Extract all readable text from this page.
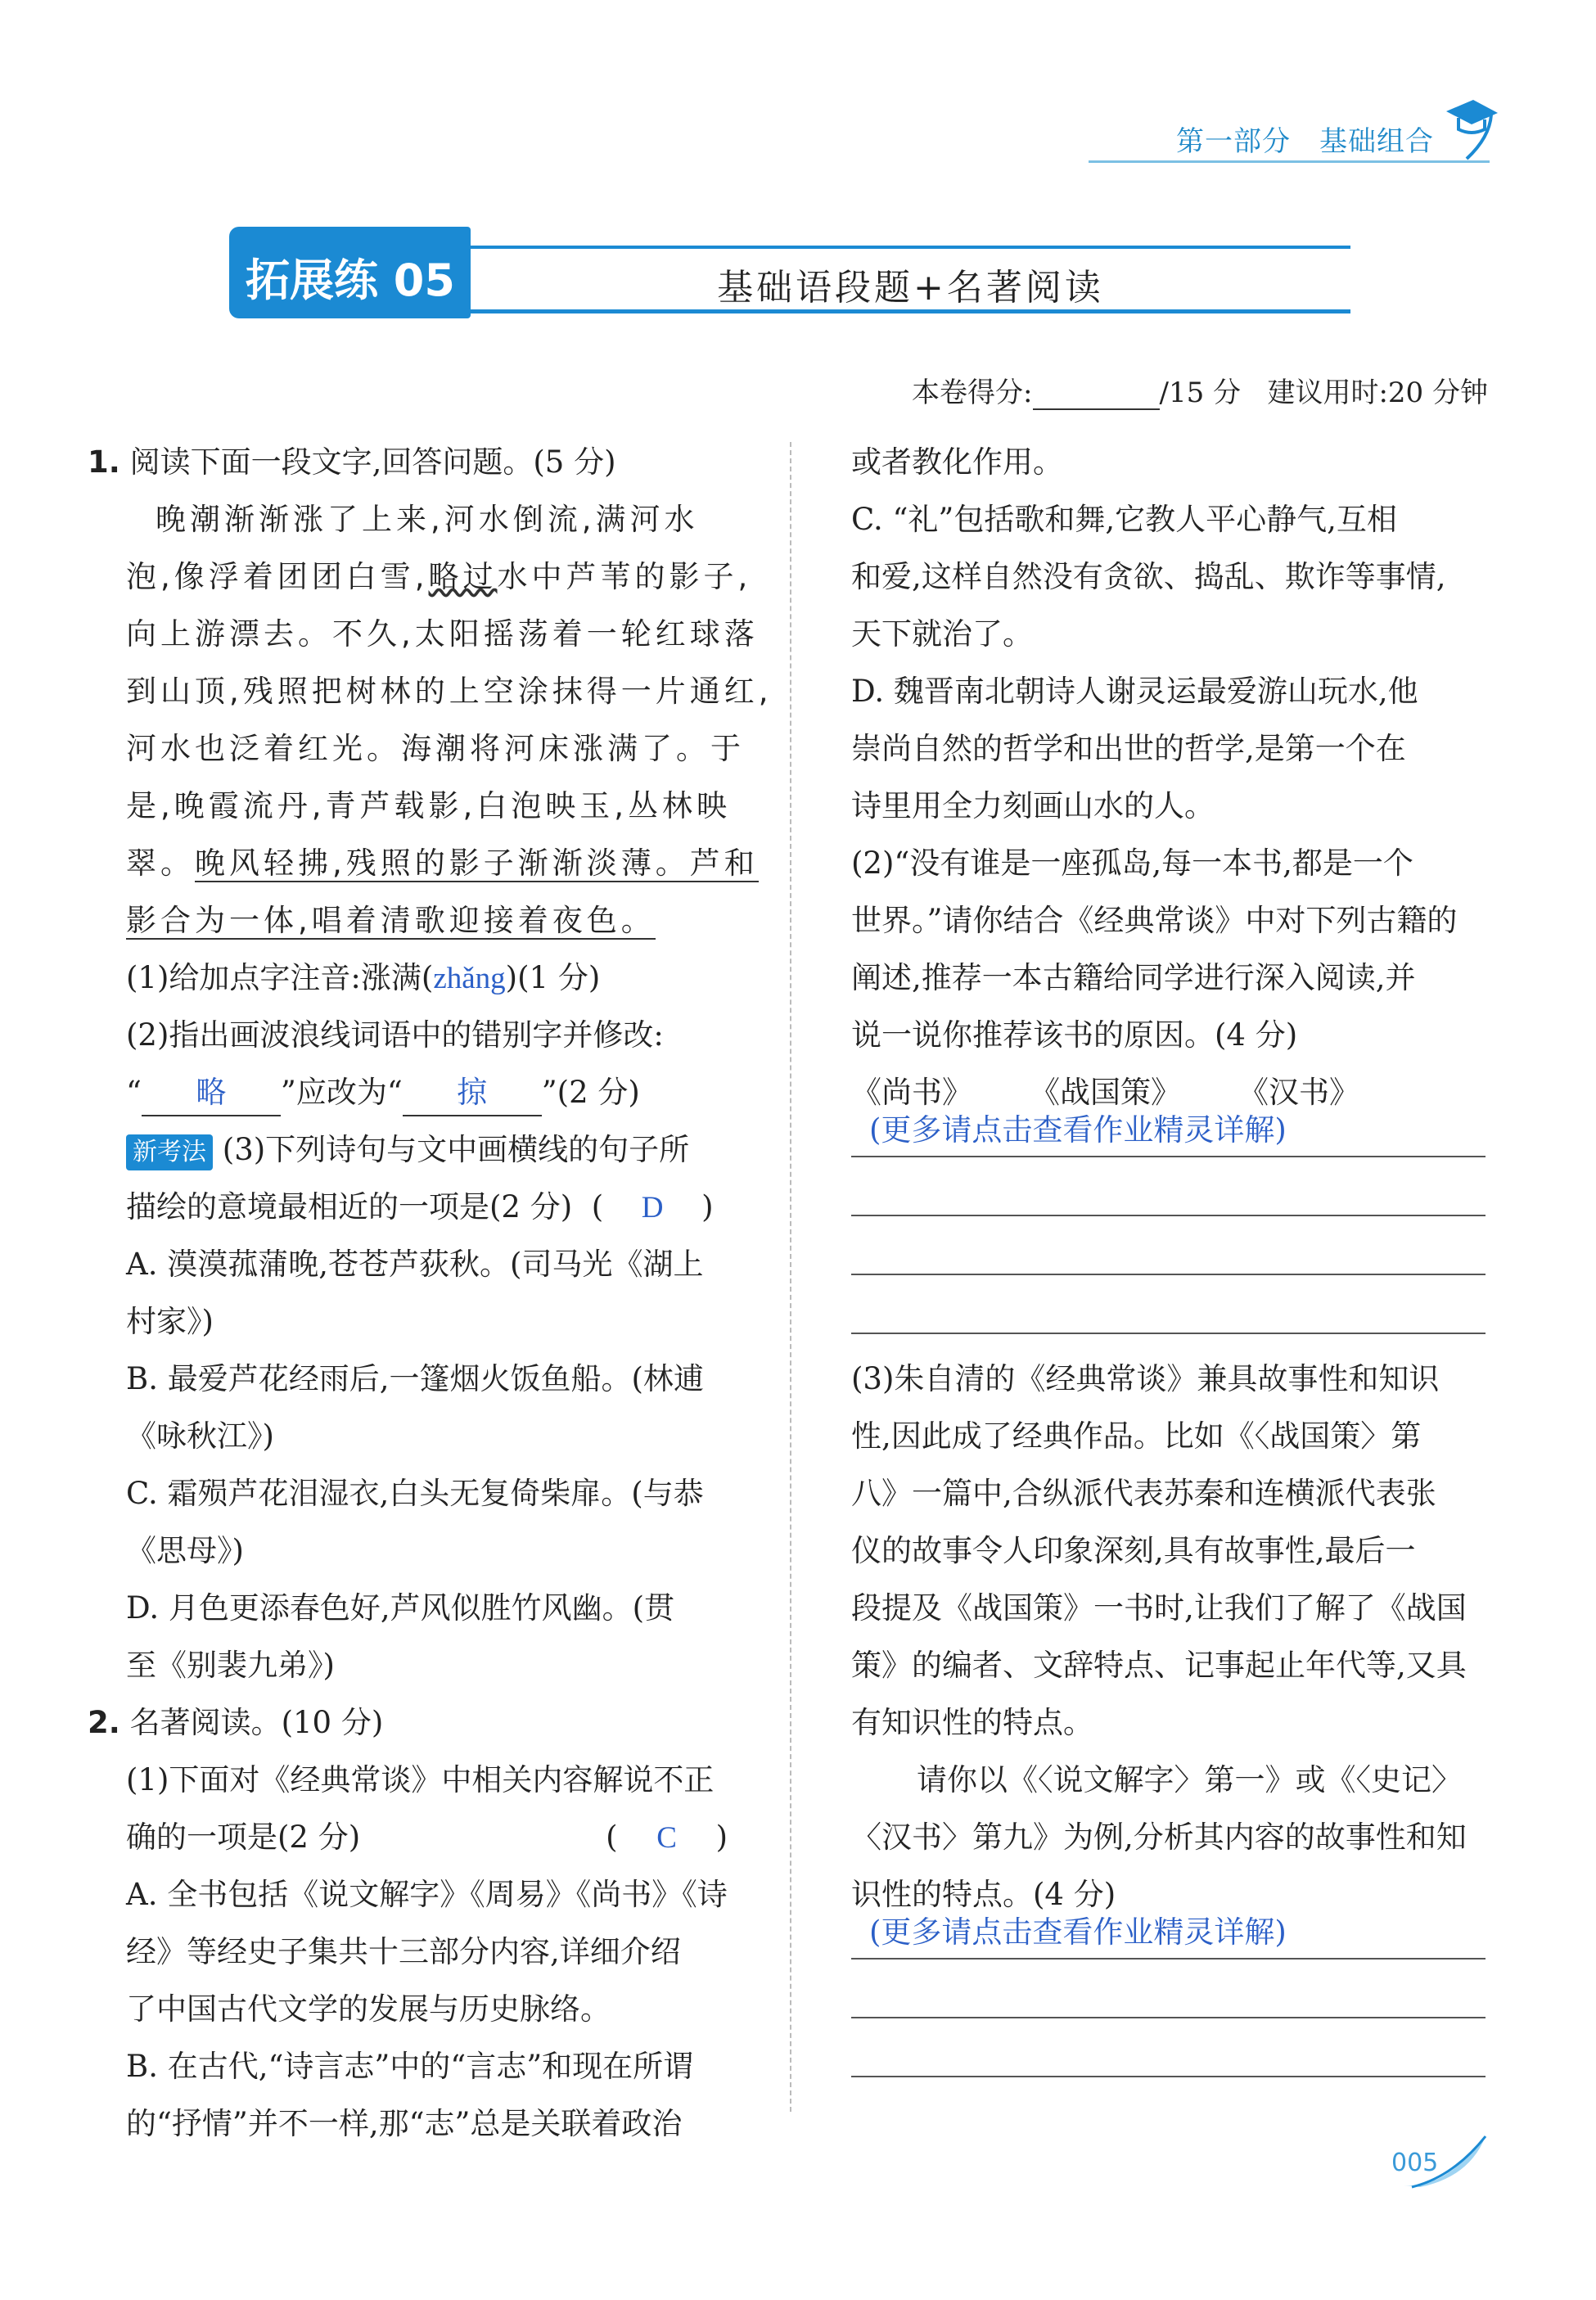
第一部分　基础组合
拓展练 05	基础语段题+名著阅读
本卷得分:	/15 分 建议用时:20 分钟
1. 阅读下面一段文字,回答问题。(5 分)
晚潮渐渐涨了上来,河水倒流,满河水
泡,像浮着团团白雪,略过水中芦苇的影子,
向上游漂去。不久,太阳摇荡着一轮红球落
到山顶,残照把树林的上空涂抹得一片通红,
河水也泛着红光。海潮将河床涨满了。于
是,晚霞流丹,青芦载影,白泡映玉,丛林映
翠。晚风轻拂,残照的影子渐渐淡薄。芦和
影合为一体,唱着清歌迎接着夜色。
(1)给加点字注音:涨满(zhǎng)(1 分)
(2)指出画波浪线词语中的错别字并修改:
“ 略 ”应改为“ 掠 ”(2 分)
新考法 (3)下列诗句与文中画横线的句子所
描绘的意境最相近的一项是(2 分)  ( D )
A. 漠漠菰蒲晚,苍苍芦荻秋。(司马光《湖上
村家》)
B. 最爱芦花经雨后,一篷烟火饭鱼船。(林逋
《咏秋江》)
C. 霜殒芦花泪湿衣,白头无复倚柴扉。(与恭
《思母》)
D. 月色更添春色好,芦风似胜竹风幽。(贯
至《别裴九弟》)
2. 名著阅读。(10 分)
(1)下面对《经典常谈》中相关内容解说不正
确的一项是(2 分)	( C )
A. 全书包括《说文解字》《周易》《尚书》《诗
经》等经史子集共十三部分内容,详细介绍
了中国古代文学的发展与历史脉络。
B. 在古代,“诗言志”中的“言志”和现在所谓
的“抒情”并不一样,那“志”总是关联着政治
或者教化作用。
C. “礼”包括歌和舞,它教人平心静气,互相
和爱,这样自然没有贪欲、捣乱、欺诈等事情,
天下就治了。
D. 魏晋南北朝诗人谢灵运最爱游山玩水,他
崇尚自然的哲学和出世的哲学,是第一个在
诗里用全力刻画山水的人。
(2)“没有谁是一座孤岛,每一本书,都是一个
世界。”请你结合《经典常谈》中对下列古籍的
阐述,推荐一本古籍给同学进行深入阅读,并
说一说你推荐该书的原因。(4 分)
《尚书》 《战国策》 《汉书》
(更多请点击查看作业精灵详解)
(3)朱自清的《经典常谈》兼具故事性和知识
性,因此成了经典作品。比如《〈战国策〉第
八》一篇中,合纵派代表苏秦和连横派代表张
仪的故事令人印象深刻,具有故事性,最后一
段提及《战国策》一书时,让我们了解了《战国
策》的编者、文辞特点、记事起止年代等,又具
有知识性的特点。
请你以《〈说文解字〉第一》或《〈史记〉
〈汉书〉第九》为例,分析其内容的故事性和知
识性的特点。(4 分)
(更多请点击查看作业精灵详解)
005
